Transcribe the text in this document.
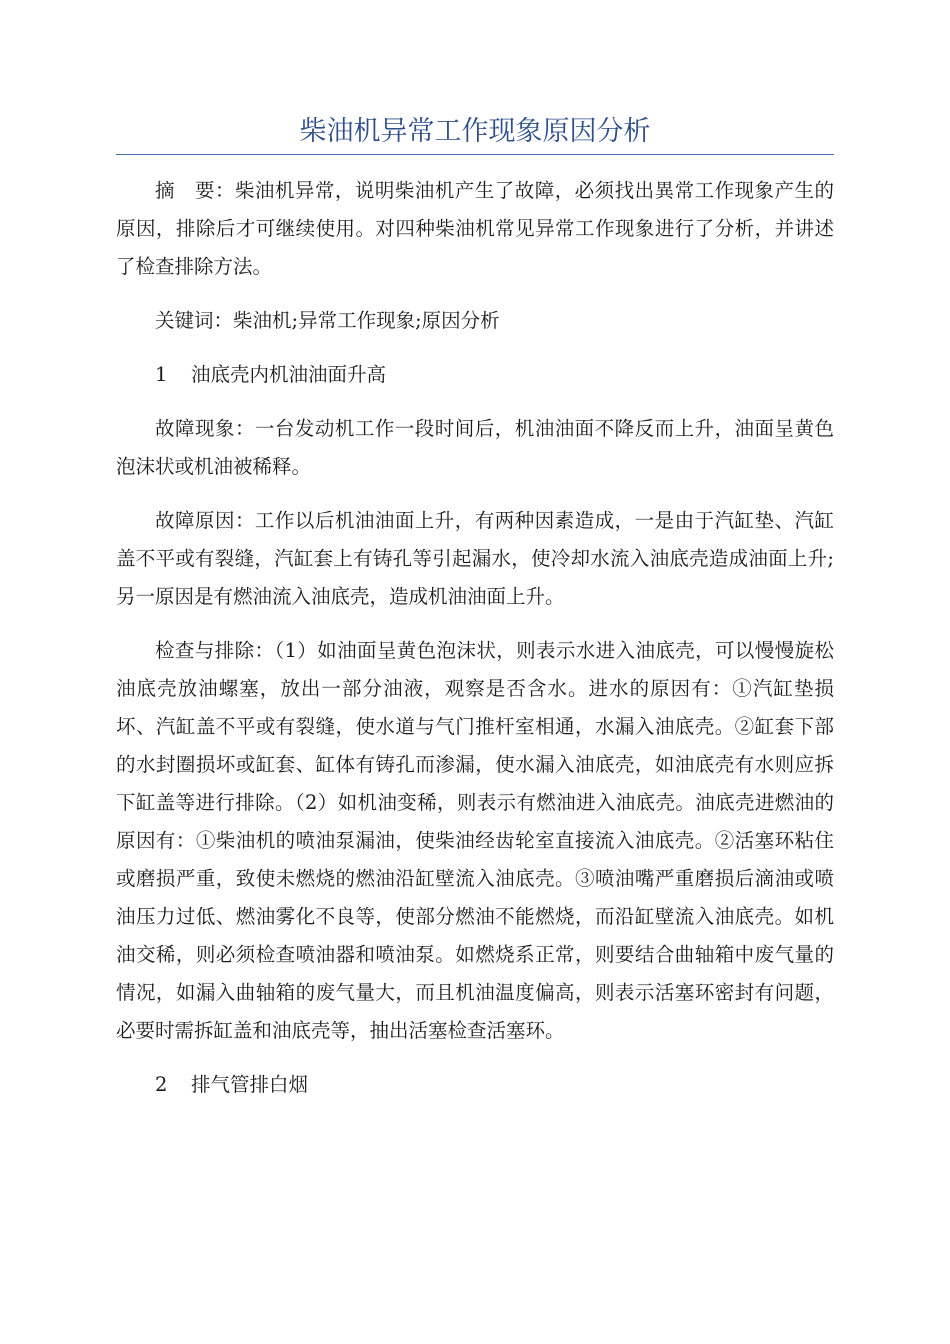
柴油机异常工作现象原因分析

摘　要：柴油机异常，说明柴油机产生了故障，必须找出異常工作现象产生的原因，排除后才可继续使用。对四种柴油机常见异常工作现象进行了分析，并讲述了检查排除方法。

关键词：柴油机;异常工作现象;原因分析

1 油底壳内机油油面升高

故障现象：一台发动机工作一段时间后，机油油面不降反而上升，油面呈黄色泡沫状或机油被稀释。

故障原因：工作以后机油油面上升，有两种因素造成，一是由于汽缸垫、汽缸盖不平或有裂缝，汽缸套上有铸孔等引起漏水，使冷却水流入油底壳造成油面上升;另一原因是有燃油流入油底壳，造成机油油面上升。

检查与排除：（1）如油面呈黄色泡沫状，则表示水进入油底壳，可以慢慢旋松油底壳放油螺塞，放出一部分油液，观察是否含水。进水的原因有：①汽缸垫损坏、汽缸盖不平或有裂缝，使水道与气门推杆室相通，水漏入油底壳。②缸套下部的水封圈损坏或缸套、缸体有铸孔而渗漏，使水漏入油底壳，如油底壳有水则应拆下缸盖等进行排除。（2）如机油变稀，则表示有燃油进入油底壳。油底壳进燃油的原因有：①柴油机的喷油泵漏油，使柴油经齿轮室直接流入油底壳。②活塞环粘住或磨损严重，致使未燃烧的燃油沿缸壁流入油底壳。③喷油嘴严重磨损后滴油或喷油压力过低、燃油雾化不良等，使部分燃油不能燃烧，而沿缸壁流入油底壳。如机油交稀，则必须检查喷油器和喷油泵。如燃烧系正常，则要结合曲轴箱中废气量的情况，如漏入曲轴箱的废气量大，而且机油温度偏高，则表示活塞环密封有问题，必要时需拆缸盖和油底壳等，抽出活塞检查活塞环。

2 排气管排白烟
